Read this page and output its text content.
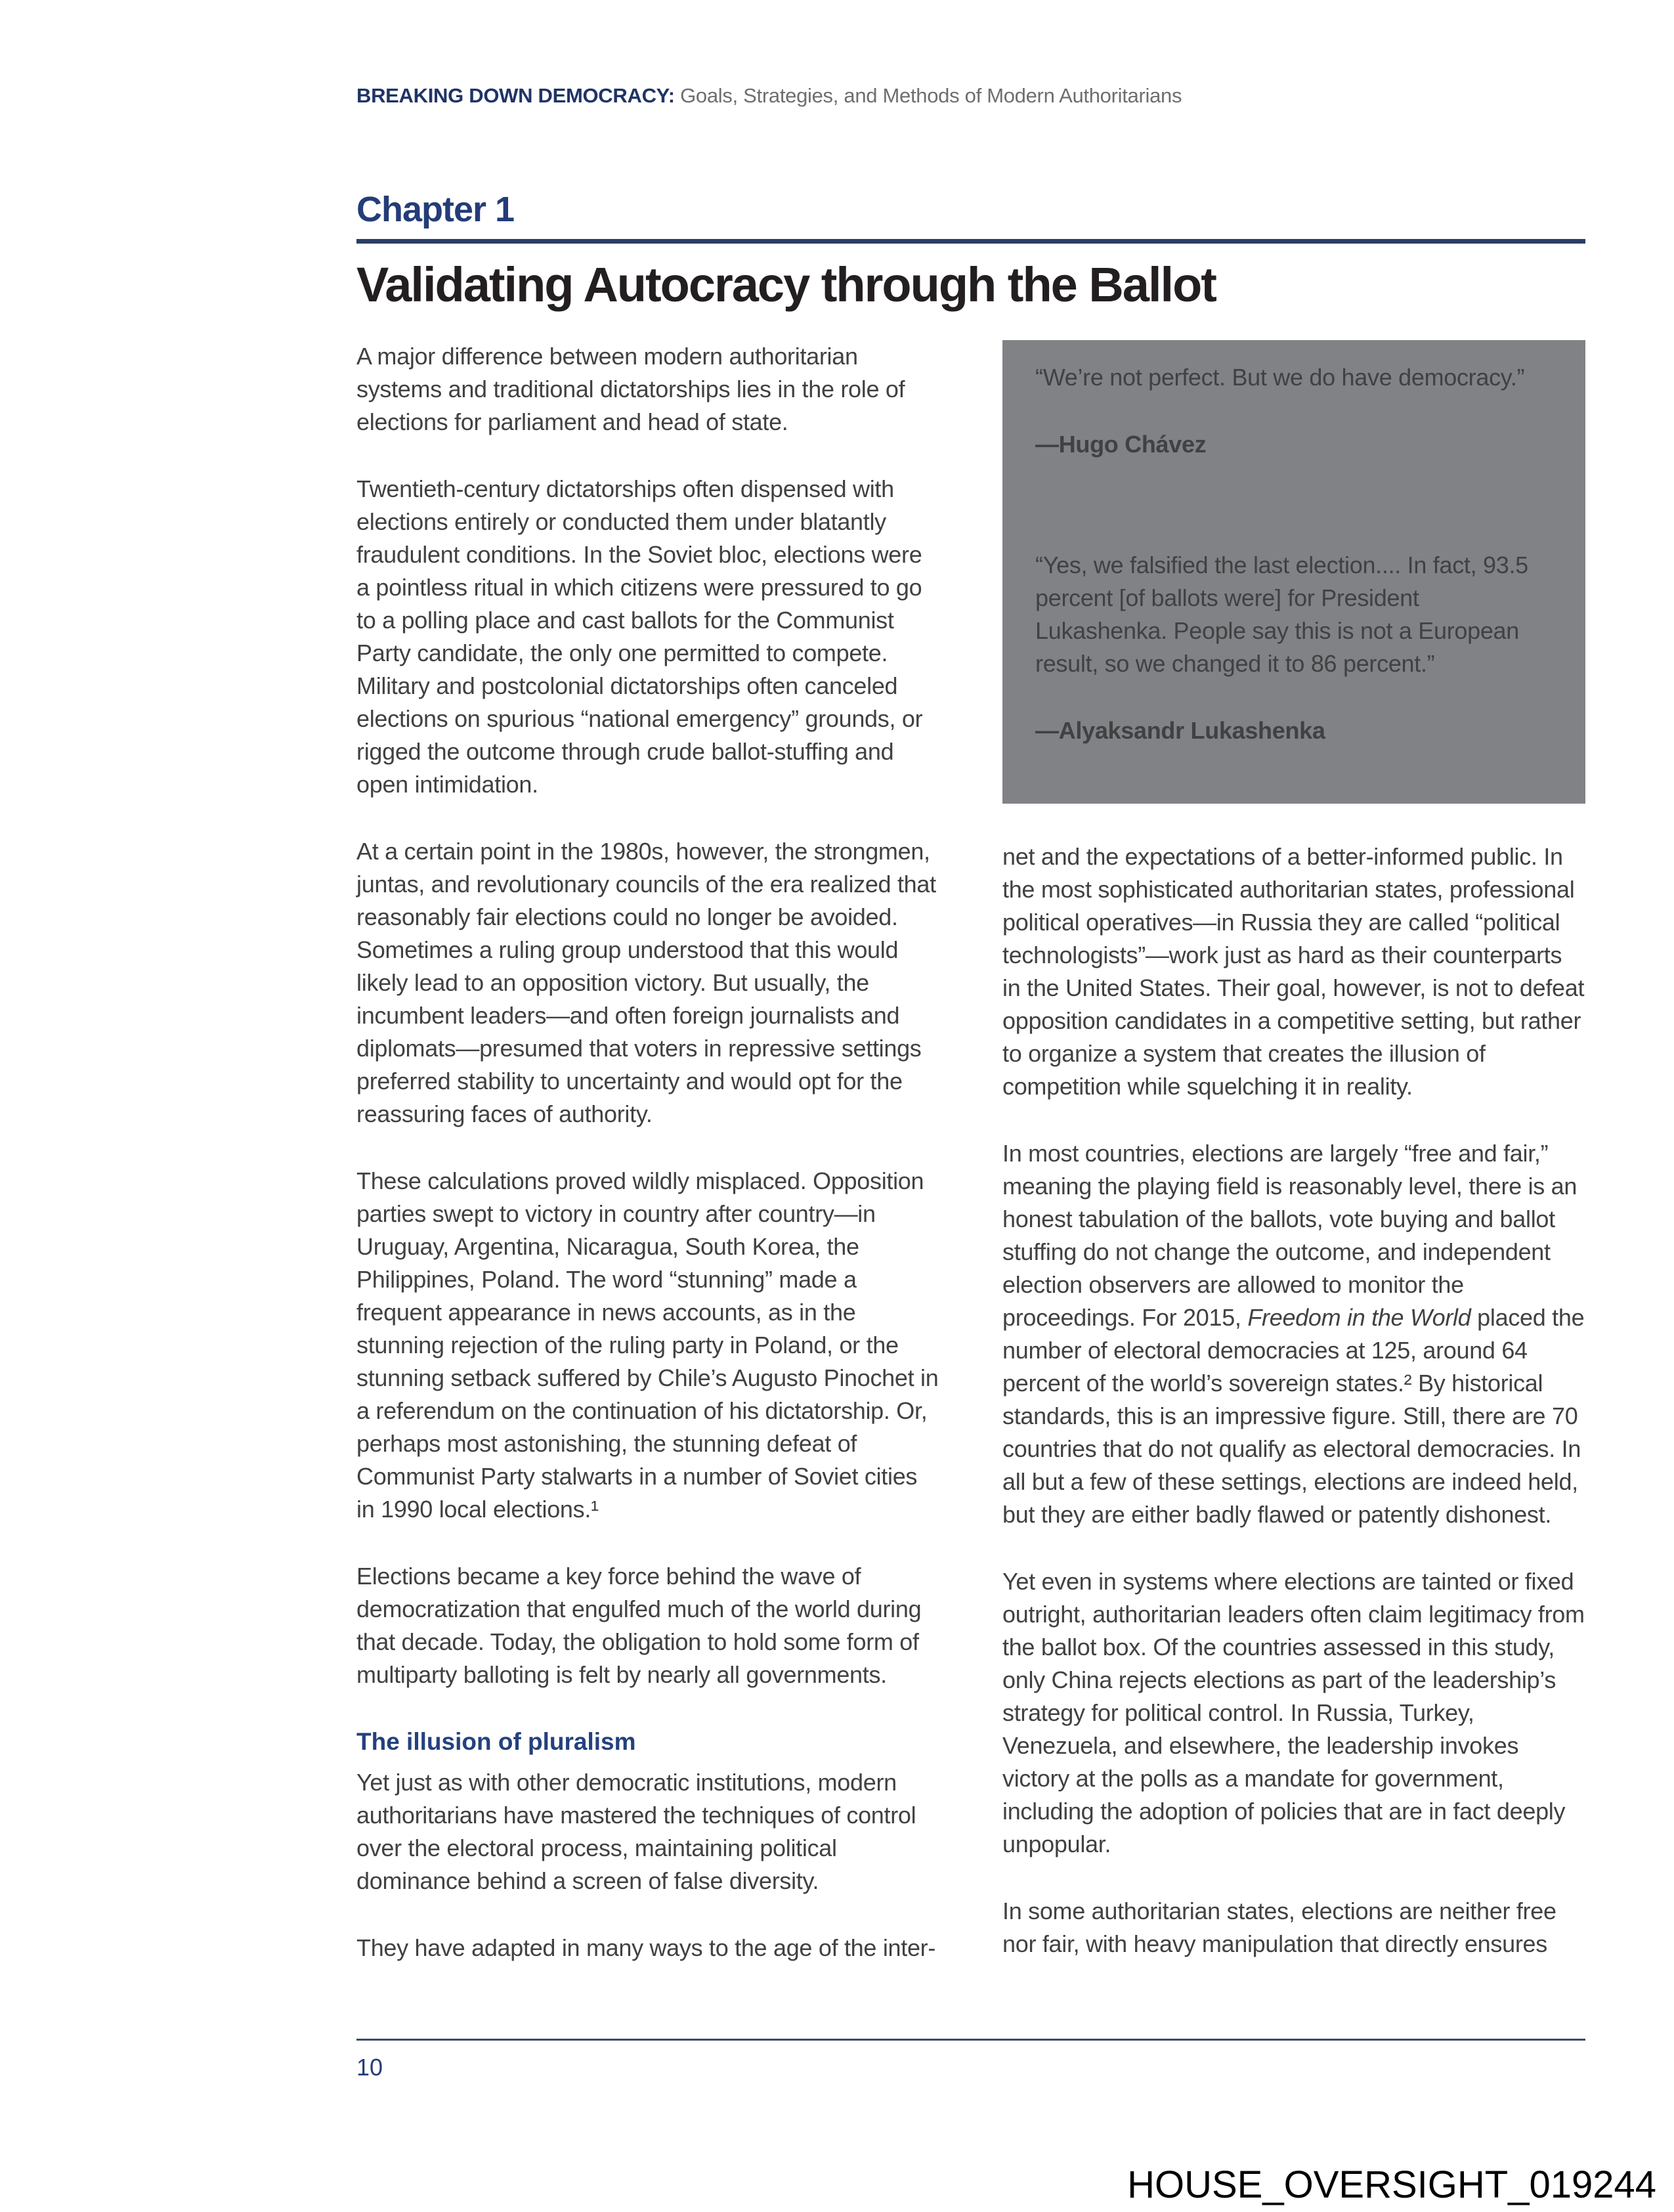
BREAKING DOWN DEMOCRACY: Goals, Strategies, and Methods of Modern Authoritarians
Chapter 1
Validating Autocracy through the Ballot

A major difference between modern authoritarian systems and traditional dictatorships lies in the role of elections for parliament and head of state.

Twentieth-century dictatorships often dispensed with elections entirely or conducted them under blatantly fraudulent conditions. In the Soviet bloc, elections were a pointless ritual in which citizens were pressured to go to a polling place and cast ballots for the Communist Party candidate, the only one permitted to compete. Military and postcolonial dictatorships often canceled elections on spurious “national emergency” grounds, or rigged the outcome through crude ballot-stuffing and open intimidation.

At a certain point in the 1980s, however, the strongmen, juntas, and revolutionary councils of the era realized that reasonably fair elections could no longer be avoided. Sometimes a ruling group understood that this would likely lead to an opposition victory. But usually, the incumbent leaders—and often foreign journalists and diplomats—presumed that voters in repressive settings preferred stability to uncertainty and would opt for the reassuring faces of authority.

These calculations proved wildly misplaced. Opposition parties swept to victory in country after country—in Uruguay, Argentina, Nicaragua, South Korea, the Philippines, Poland. The word “stunning” made a frequent appearance in news accounts, as in the stunning rejection of the ruling party in Poland, or the stunning setback suffered by Chile’s Augusto Pinochet in a referendum on the continuation of his dictatorship. Or, perhaps most astonishing, the stunning defeat of Communist Party stalwarts in a number of Soviet cities in 1990 local elections.¹

Elections became a key force behind the wave of democratization that engulfed much of the world during that decade. Today, the obligation to hold some form of multiparty balloting is felt by nearly all governments.

The illusion of pluralism

Yet just as with other democratic institutions, modern authoritarians have mastered the techniques of control over the electoral process, maintaining political dominance behind a screen of false diversity.

They have adapted in many ways to the age of the inter-

“We’re not perfect. But we do have democracy.”

—Hugo Chávez

“Yes, we falsified the last election.... In fact, 93.5 percent [of ballots were] for President Lukashenka. People say this is not a European result, so we changed it to 86 percent.”

—Alyaksandr Lukashenka

net and the expectations of a better-informed public. In the most sophisticated authoritarian states, professional political operatives—in Russia they are called “political technologists”—work just as hard as their counterparts in the United States. Their goal, however, is not to defeat opposition candidates in a competitive setting, but rather to organize a system that creates the illusion of competition while squelching it in reality.

In most countries, elections are largely “free and fair,” meaning the playing field is reasonably level, there is an honest tabulation of the ballots, vote buying and ballot stuffing do not change the outcome, and independent election observers are allowed to monitor the proceedings. For 2015, Freedom in the World placed the number of electoral democracies at 125, around 64 percent of the world’s sovereign states.² By historical standards, this is an impressive figure. Still, there are 70 countries that do not qualify as electoral democracies. In all but a few of these settings, elections are indeed held, but they are either badly flawed or patently dishonest.

Yet even in systems where elections are tainted or fixed outright, authoritarian leaders often claim legitimacy from the ballot box. Of the countries assessed in this study, only China rejects elections as part of the leadership’s strategy for political control. In Russia, Turkey, Venezuela, and elsewhere, the leadership invokes victory at the polls as a mandate for government, including the adoption of policies that are in fact deeply unpopular.

In some authoritarian states, elections are neither free nor fair, with heavy manipulation that directly ensures

10
HOUSE_OVERSIGHT_019244
